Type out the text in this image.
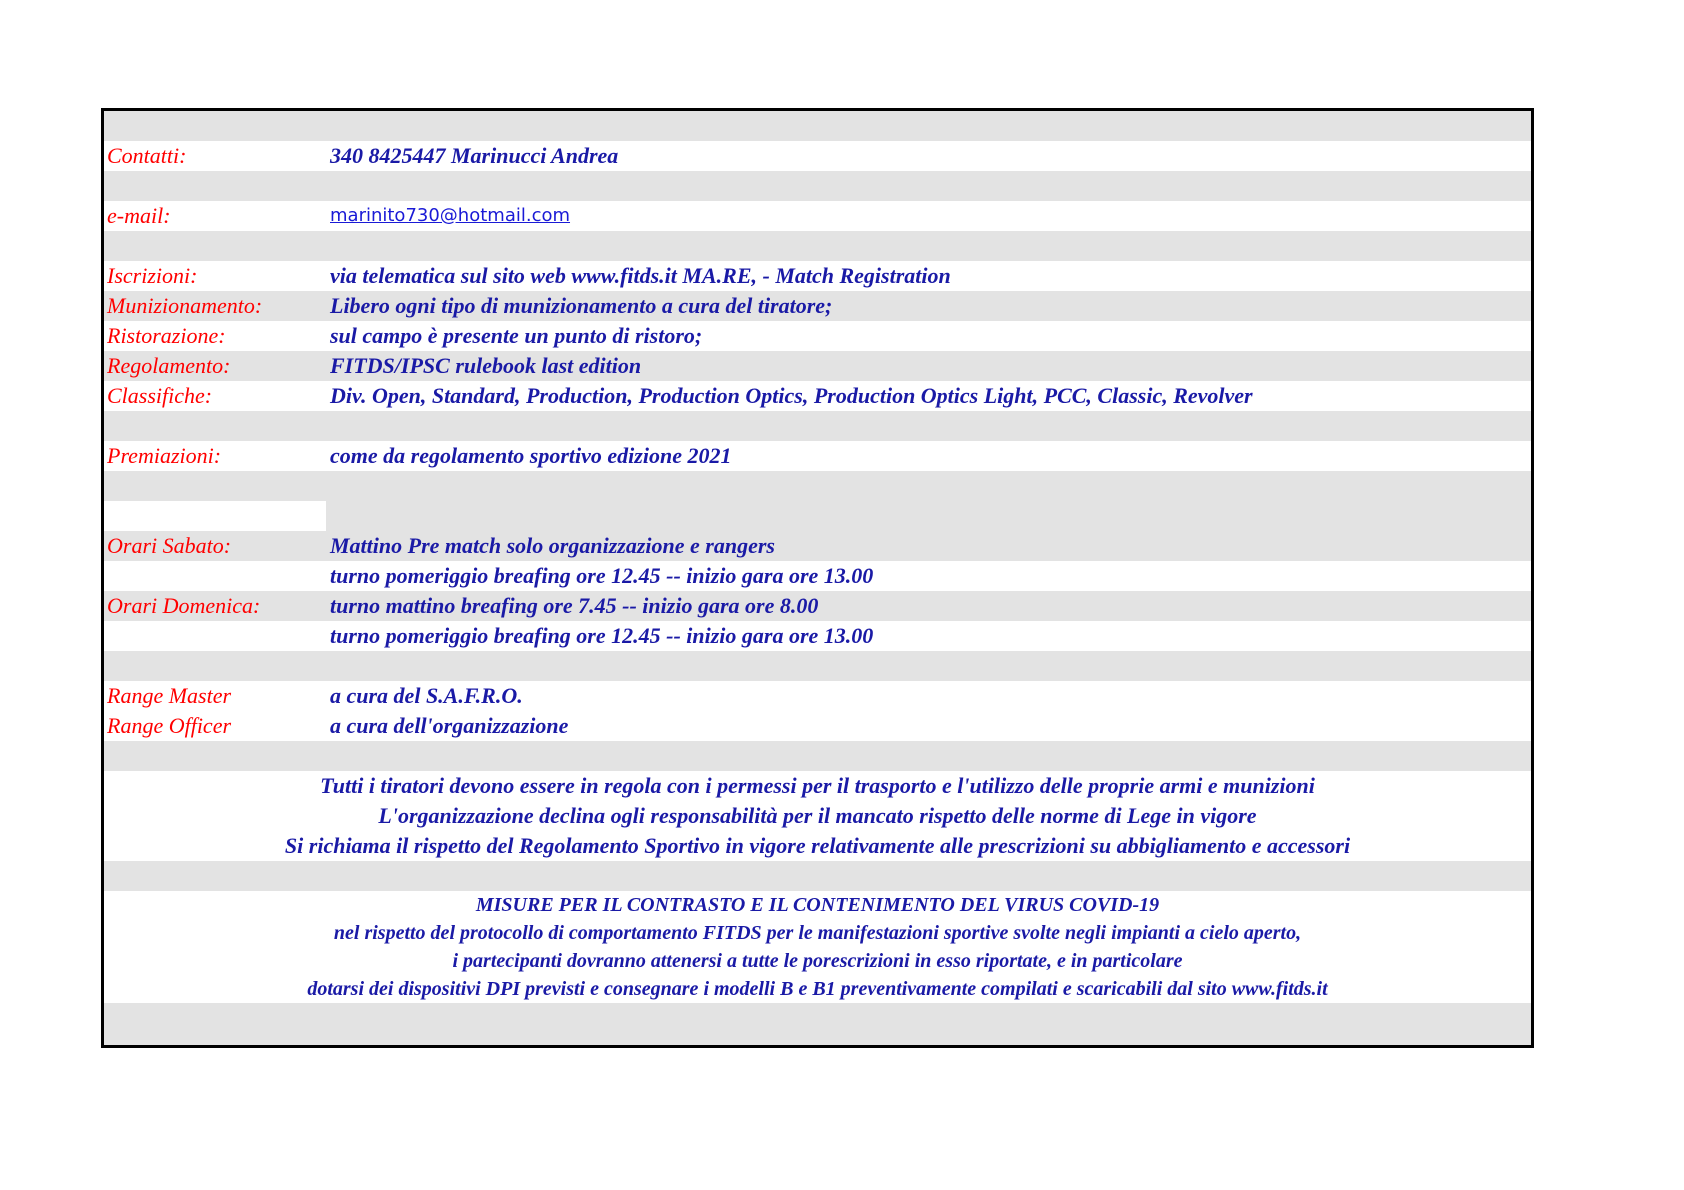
Contatti:	340 8425447 Marinucci Andrea
e-mail:	marinito730@hotmail.com
Iscrizioni:	via telematica sul sito web www.fitds.it MA.RE, - Match Registration
Munizionamento:	Libero ogni tipo di munizionamento a cura del tiratore;
Ristorazione:	sul campo è presente un punto di ristoro;
Regolamento:	FITDS/IPSC rulebook last edition
Classifiche:	Div. Open, Standard, Production, Production Optics, Production Optics Light, PCC, Classic, Revolver
Premiazioni:	come da regolamento sportivo edizione 2021
Orari Sabato:	Mattino Pre match solo organizzazione e rangers
turno pomeriggio breafing ore 12.45 -- inizio gara ore 13.00
Orari Domenica:	turno mattino breafing ore 7.45 -- inizio gara ore 8.00
turno pomeriggio breafing ore 12.45 -- inizio gara ore 13.00
Range Master	a cura del S.A.F.R.O.
Range Officer	a cura dell'organizzazione
Tutti i tiratori devono essere in regola con i permessi per il trasporto e l'utilizzo delle proprie armi e munizioni
L'organizzazione declina ogli responsabilità per il mancato rispetto delle norme di Lege in vigore
Si richiama il rispetto del Regolamento Sportivo in vigore relativamente alle prescrizioni su abbigliamento e accessori
MISURE PER IL CONTRASTO E IL CONTENIMENTO DEL VIRUS COVID-19
nel rispetto del protocollo di comportamento FITDS per le manifestazioni sportive svolte negli impianti a cielo aperto,
i partecipanti dovranno attenersi a tutte le porescrizioni in esso riportate, e in particolare
dotarsi dei dispositivi DPI previsti e consegnare i modelli B e B1 preventivamente compilati e scaricabili dal sito www.fitds.it
